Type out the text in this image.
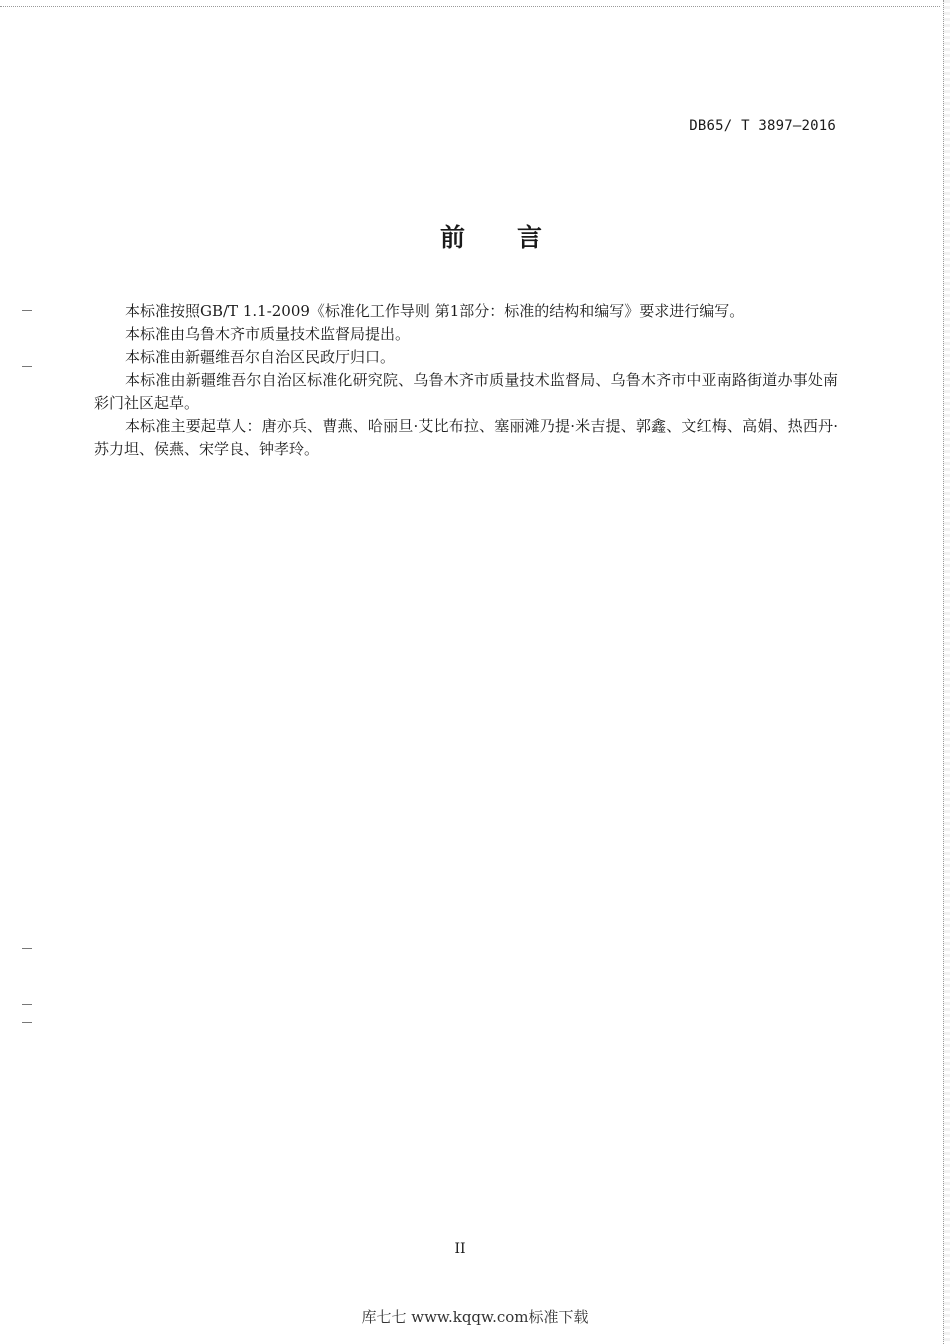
DB65/ T 3897—2016
前言

本标准按照GB/T 1.1-2009《标准化工作导则 第1部分：标准的结构和编写》要求进行编写。

本标准由乌鲁木齐市质量技术监督局提出。

本标准由新疆维吾尔自治区民政厅归口。

本标准由新疆维吾尔自治区标准化研究院、乌鲁木齐市质量技术监督局、乌鲁木齐市中亚南路街道办事处南彩门社区起草。

本标准主要起草人：唐亦兵、曹燕、哈丽旦·艾比布拉、塞丽滩乃提·米吉提、郭鑫、文红梅、高娟、热西丹·苏力坦、侯燕、宋学良、钟孝玲。

II
库七七 www.kqqw.com标准下载
